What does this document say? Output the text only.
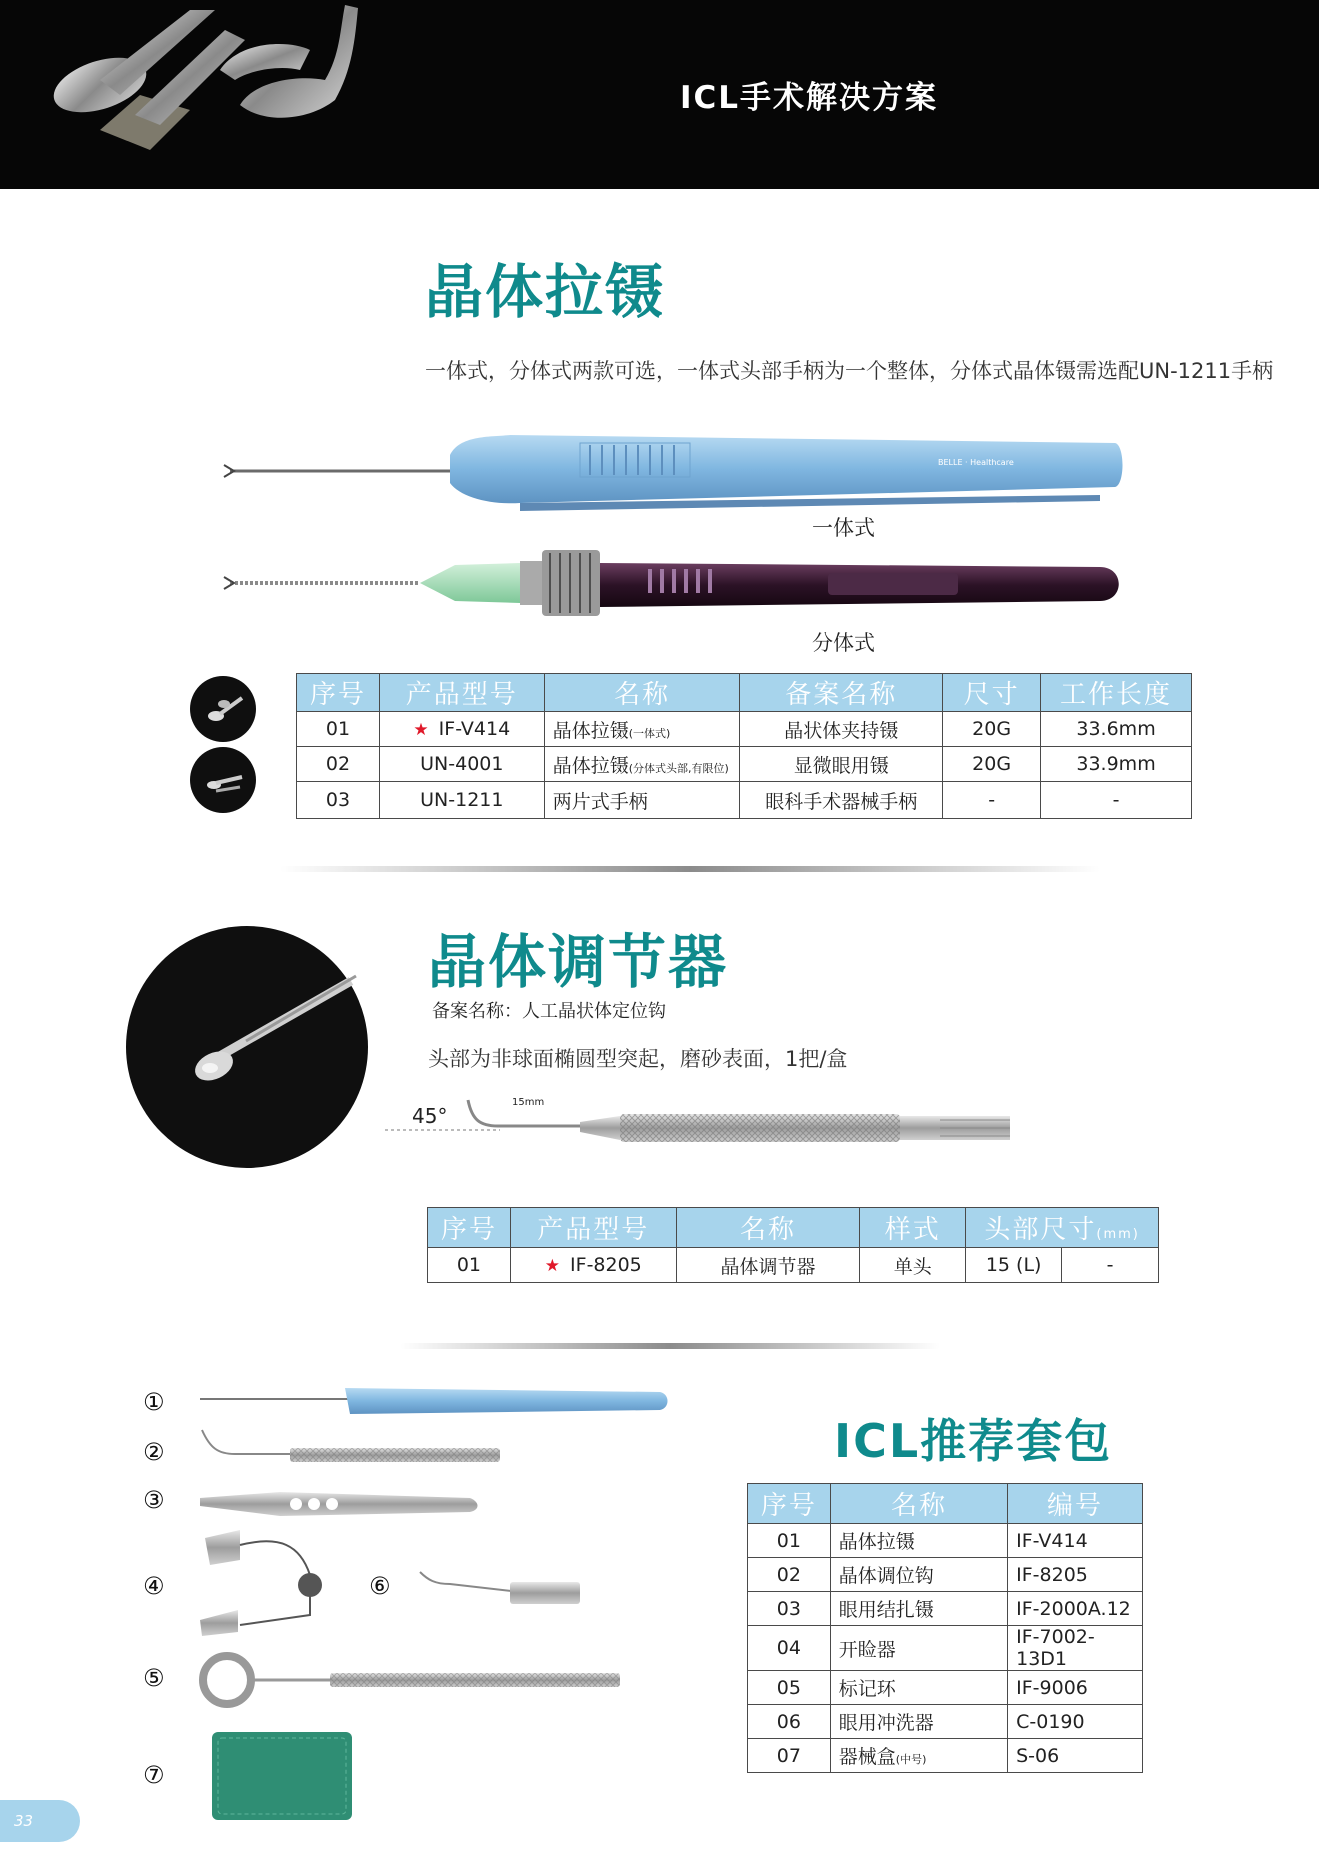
ICL手术解决方案
晶体拉镊
一体式，分体式两款可选，一体式头部手柄为一个整体，分体式晶体镊需选配UN-1211手柄
BELLE · Healthcare
一体式
分体式
序号	产品型号	名称	备案名称	尺寸	工作长度
01	★ IF-V414	晶体拉镊(一体式)	晶状体夹持镊	20G	33.6mm
02	UN-4001	晶体拉镊(分体式头部,有限位)	显微眼用镊	20G	33.9mm
03	UN-1211	两片式手柄	眼科手术器械手柄	-	-
晶体调节器
备案名称：人工晶状体定位钩
头部为非球面椭圆型突起，磨砂表面，1把/盒
45°
15mm
序号	产品型号	名称	样式	头部尺寸(mm)	
01	★ IF-8205	晶体调节器	单头	15 (L)	-
①
②
③
④
⑤
⑥
⑦
ICL推荐套包
序号	名称	编号
01	晶体拉镊	IF-V414
02	晶体调位钩	IF-8205
03	眼用结扎镊	IF-2000A.12
04	开睑器	IF-7002-13D1
05	标记环	IF-9006
06	眼用冲洗器	C-0190
07	器械盒(中号)	S-06
33
